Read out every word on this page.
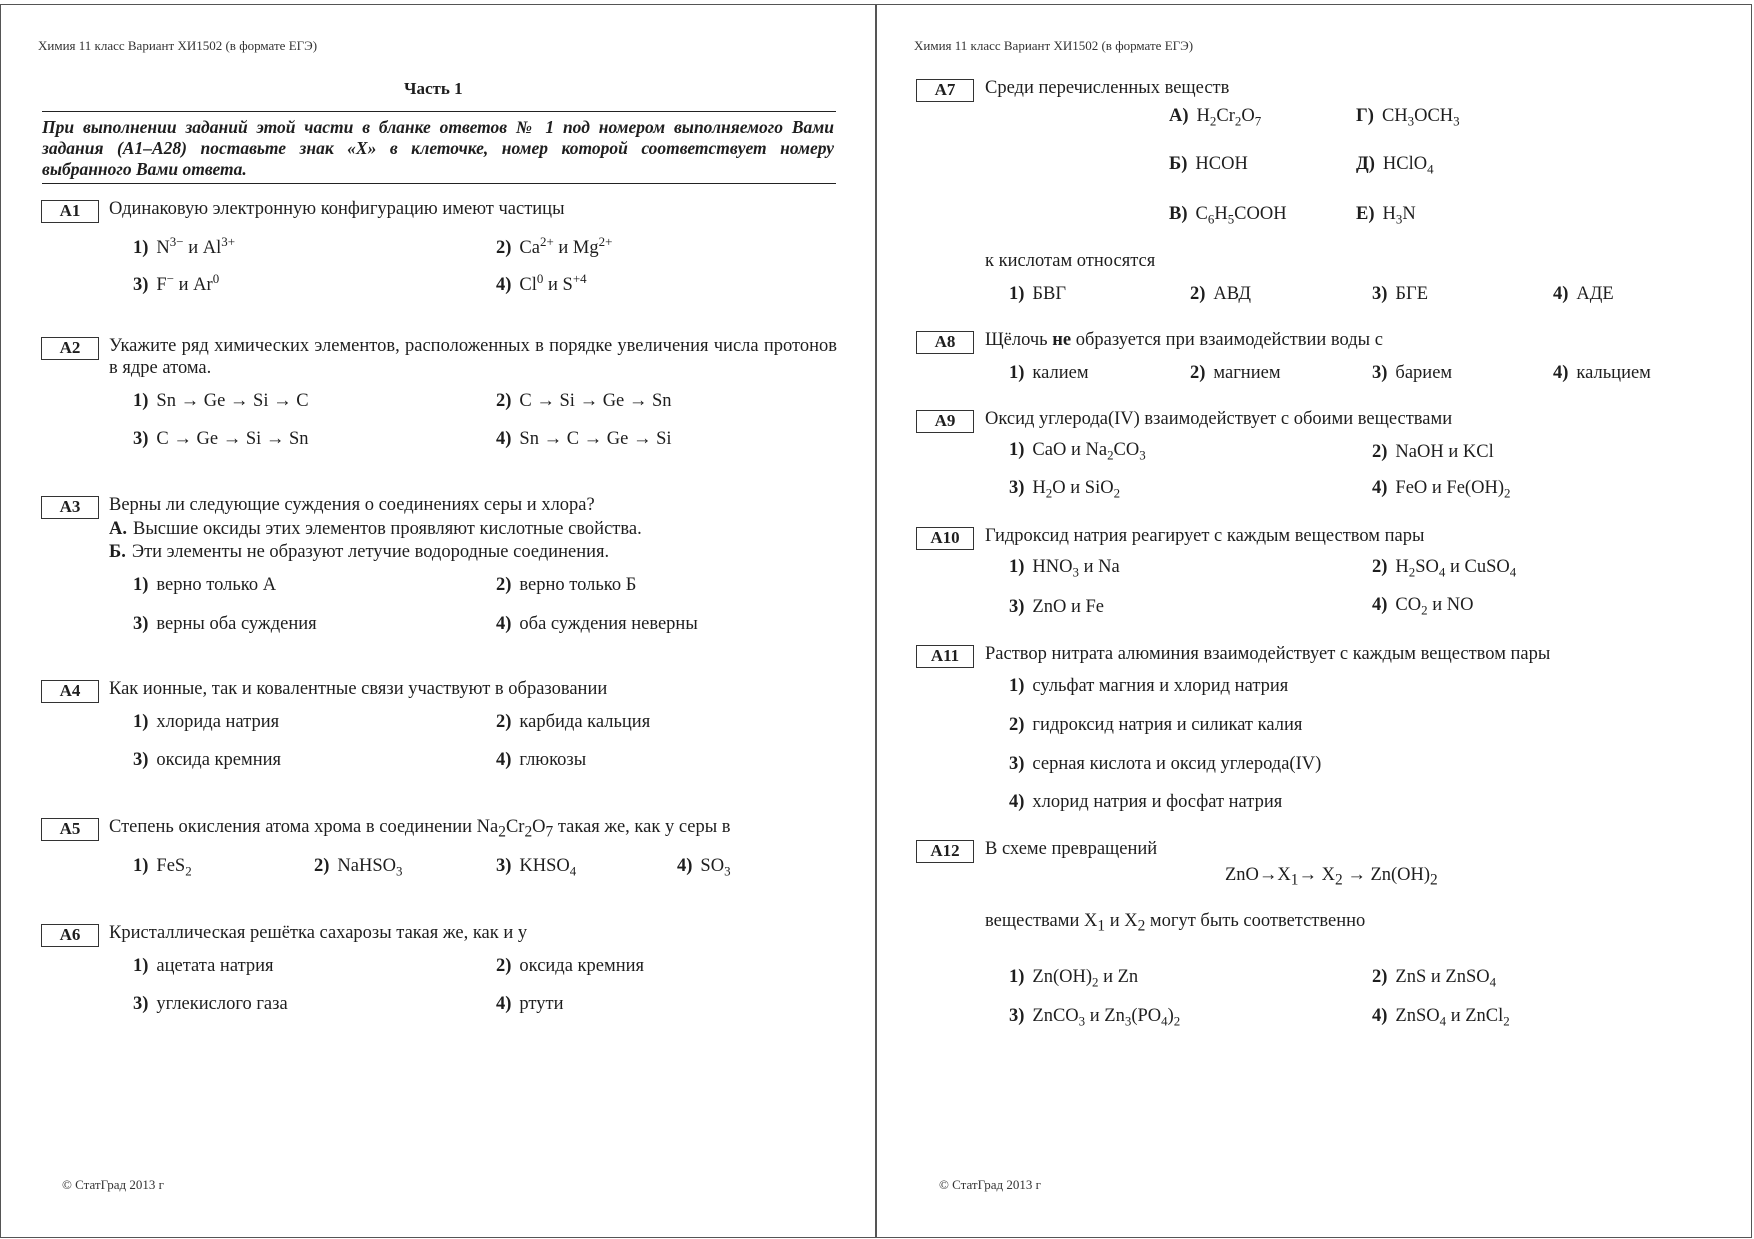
Химия 11 класс Вариант ХИ1502 (в формате ЕГЭ)
Часть 1
При выполнении заданий этой части в бланке ответов № 1 под номером выполняемого Вами задания (А1–А28) поставьте знак «X» в клеточке, номер которой соответствует номеру выбранного Вами ответа.
А1	Одинаковую электронную конфигурацию имеют частицы
1) $N^{3-}$ и $Al^{3+}$	2) $Ca^{2+}$ и $Mg^{2+}$
3) F− и Ar$^0$	4) Cl$^0$ и $S^{+4}$
А2	Укажите ряд химических элементов, расположенных в порядке увеличения числа протонов в ядре атома.
1) Sn → Ge → Si → C	2) C → Si → Ge → Sn
3) C → Ge → Si → Sn	4) Sn → C → Ge → Si
А3	Верны ли следующие суждения о соединениях серы и хлора?
А. Высшие оксиды этих элементов проявляют кислотные свойства.
Б. Эти элементы не образуют летучие водородные соединения.
1) верно только А	2) верно только Б
3) верны оба суждения	4) оба суждения неверны
А4	Как ионные, так и ковалентные связи участвуют в образовании
1) хлорида натрия	2) карбида кальция
3) оксида кремния	4) глюкозы
А5	Степень окисления атома хрома в соединении $Na_2Cr_2O_7$ такая же, как у серы в
1) FeS$_2$	2) NaHSO$_3$	3) $KHSO_4$	4) $SO_3$
А6	Кристаллическая решётка сахарозы такая же, как и у
1) ацетата натрия	2) оксида кремния
3) углекислого газа	4) ртути
© СтатГрад 2013 г
Химия 11 класс Вариант ХИ1502 (в формате ЕГЭ)
А7	Среди перечисленных веществ
А) $H_2Cr_2O_7$	Г) $CH_3OCH_3$
Б) HCOH	Д) HClO$_4$
В) $C_6H_5COOH$	Е) $H_3N$
к кислотам относятся
1) БВГ	2) АВД	3) БГЕ	4) АДЕ
А8	Щёлочь не образуется при взаимодействии воды с
1) калием	2) магнием	3) барием	4) кальцием
А9	Оксид углерода(IV) взаимодействует с обоими веществами
1) CaO и $Na_2CO_3$	2) NaOH и KCl
3) $H_2O$ и SiO$_2$	4) FeO и $Fe(OH)_2$
А10	Гидроксид натрия реагирует с каждым веществом пары
1) $HNO_3$ и Na	2) $H_2SO_4$ и CuSO$_4$
3) ZnO и Fe	4) $CO_2$ и NO
А11	Раствор нитрата алюминия взаимодействует с каждым веществом пары
1) сульфат магния и хлорид натрия
2) гидроксид натрия и силикат калия
3) серная кислота и оксид углерода(IV)
4) хлорид натрия и фосфат натрия
А12	В схеме превращений
$ZnO\to X_1\to X_2 \to Zn(OH)_2$
веществами $X_1$ и $X_2$ могут быть соответственно
1) $Zn(OH)_2$ и Zn	2) ZnS и ZnSO$_4$
3) ZnCO$_3$ и $Zn_3(PO_4)_2$	4) ZnSO$_4$ и ZnCl$_2$
© СтатГрад 2013 г
